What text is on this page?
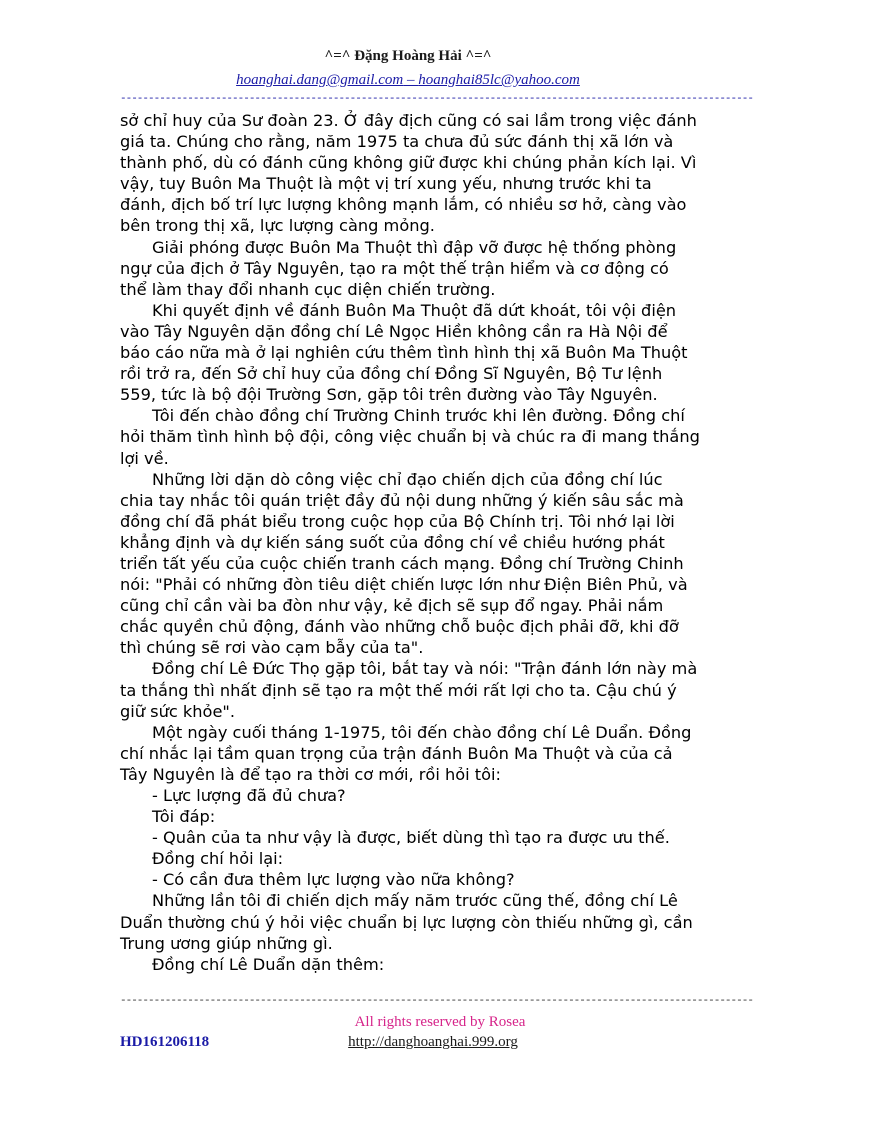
^=^ Đặng Hoàng Hải ^=^
hoanghai.dang@gmail.com – hoanghai85lc@yahoo.com
-----------------------------------------------------------------------------------------------------------------

sở chỉ huy của Sư đoàn 23. Ở đây địch cũng có sai lầm trong việc đánh giá ta. Chúng cho rằng, năm 1975 ta chưa đủ sức đánh thị xã lớn và thành phố, dù có đánh cũng không giữ được khi chúng phản kích lại. Vì vậy, tuy Buôn Ma Thuột là một vị trí xung yếu, nhưng trước khi ta đánh, địch bố trí lực lượng không mạnh lắm, có nhiều sơ hở, càng vào bên trong thị xã, lực lượng càng mỏng.

Giải phóng được Buôn Ma Thuột thì đập vỡ được hệ thống phòng ngự của địch ở Tây Nguyên, tạo ra một thế trận hiểm và cơ động có thể làm thay đổi nhanh cục diện chiến trường.

Khi quyết định về đánh Buôn Ma Thuột đã dứt khoát, tôi vội điện vào Tây Nguyên dặn đồng chí Lê Ngọc Hiền không cần ra Hà Nội để báo cáo nữa mà ở lại nghiên cứu thêm tình hình thị xã Buôn Ma Thuột rồi trở ra, đến Sở chỉ huy của đồng chí Đồng Sĩ Nguyên, Bộ Tư lệnh 559, tức là bộ đội Trường Sơn, gặp tôi trên đường vào Tây Nguyên.

Tôi đến chào đồng chí Trường Chinh trước khi lên đường. Đồng chí hỏi thăm tình hình bộ đội, công việc chuẩn bị và chúc ra đi mang thắng lợi về.

Những lời dặn dò công việc chỉ đạo chiến dịch của đồng chí lúc chia tay nhắc tôi quán triệt đầy đủ nội dung những ý kiến sâu sắc mà đồng chí đã phát biểu trong cuộc họp của Bộ Chính trị. Tôi nhớ lại lời khẳng định và dự kiến sáng suốt của đồng chí về chiều hướng phát triển tất yếu của cuộc chiến tranh cách mạng. Đồng chí Trường Chinh nói: "Phải có những đòn tiêu diệt chiến lược lớn như Điện Biên Phủ, và cũng chỉ cần vài ba đòn như vậy, kẻ địch sẽ sụp đổ ngay. Phải nắm chắc quyền chủ động, đánh vào những chỗ buộc địch phải đỡ, khi đỡ thì chúng sẽ rơi vào cạm bẫy của ta".

Đồng chí Lê Đức Thọ gặp tôi, bắt tay và nói: "Trận đánh lớn này mà ta thắng thì nhất định sẽ tạo ra một thế mới rất lợi cho ta. Cậu chú ý giữ sức khỏe".

Một ngày cuối tháng 1-1975, tôi đến chào đồng chí Lê Duẩn. Đồng chí nhắc lại tầm quan trọng của trận đánh Buôn Ma Thuột và của cả Tây Nguyên là để tạo ra thời cơ mới, rồi hỏi tôi:

- Lực lượng đã đủ chưa?

Tôi đáp:

- Quân của ta như vậy là được, biết dùng thì tạo ra được ưu thế.

Đồng chí hỏi lại:

- Có cần đưa thêm lực lượng vào nữa không?

Những lần tôi đi chiến dịch mấy năm trước cũng thế, đồng chí Lê Duẩn thường chú ý hỏi việc chuẩn bị lực lượng còn thiếu những gì, cần Trung ương giúp những gì.

Đồng chí Lê Duẩn dặn thêm:

-----------------------------------------------------------------------------------------------------------------
All rights reserved by Rosea
HD161206118	http://danghoanghai.999.org
